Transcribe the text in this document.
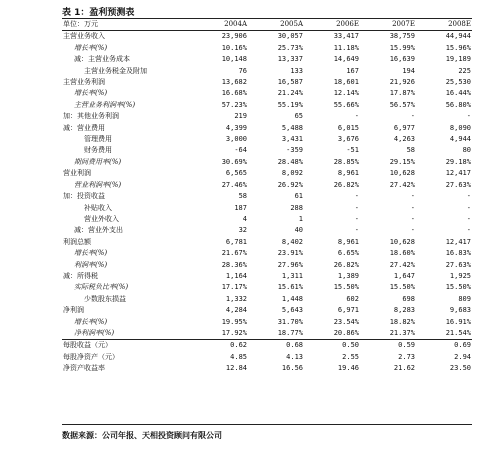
表 1：盈利预测表
单位：万元	2004A	2005A	2006E	2007E	2008E
主营业务收入	23,906	30,057	33,417	38,759	44,944
增长率(%)	10.16%	25.73%	11.18%	15.99%	15.96%
减：主营业务成本	10,148	13,337	14,649	16,639	19,189
主营业务税金及附加	76	133	167	194	225
主营业务利润	13,682	16,587	18,601	21,926	25,530
增长率(%)	16.68%	21.24%	12.14%	17.87%	16.44%
主营业务利润率(%)	57.23%	55.19%	55.66%	56.57%	56.80%
加：其他业务利润	219	65	-	-	-
减：营业费用	4,399	5,488	6,015	6,977	8,090
管理费用	3,000	3,431	3,676	4,263	4,944
财务费用	-64	-359	-51	58	80
期间费用率(%)	30.69%	28.48%	28.85%	29.15%	29.18%
营业利润	6,565	8,092	8,961	10,628	12,417
营业利润率(%)	27.46%	26.92%	26.82%	27.42%	27.63%
加：投资收益	58	61	-	-	-
补贴收入	187	288	-	-	-
营业外收入	4	1	-	-	-
减：营业外支出	32	40	-	-	-
利润总额	6,781	8,402	8,961	10,628	12,417
增长率(%)	21.67%	23.91%	6.65%	18.60%	16.83%
利润率(%)	28.36%	27.96%	26.82%	27.42%	27.63%
减：所得税	1,164	1,311	1,389	1,647	1,925
实际税负比率(%)	17.17%	15.61%	15.50%	15.50%	15.50%
少数股东损益	1,332	1,448	602	698	809
净利润	4,284	5,643	6,971	8,283	9,683
增长率(%)	19.95%	31.70%	23.54%	18.82%	16.91%
净利润率(%)	17.92%	18.77%	20.86%	21.37%	21.54%
每股收益（元）	0.62	0.68	0.50	0.59	0.69
每股净资产（元）	4.85	4.13	2.55	2.73	2.94
净资产收益率	12.84	16.56	19.46	21.62	23.50
数据来源：公司年报、天相投资顾问有限公司
